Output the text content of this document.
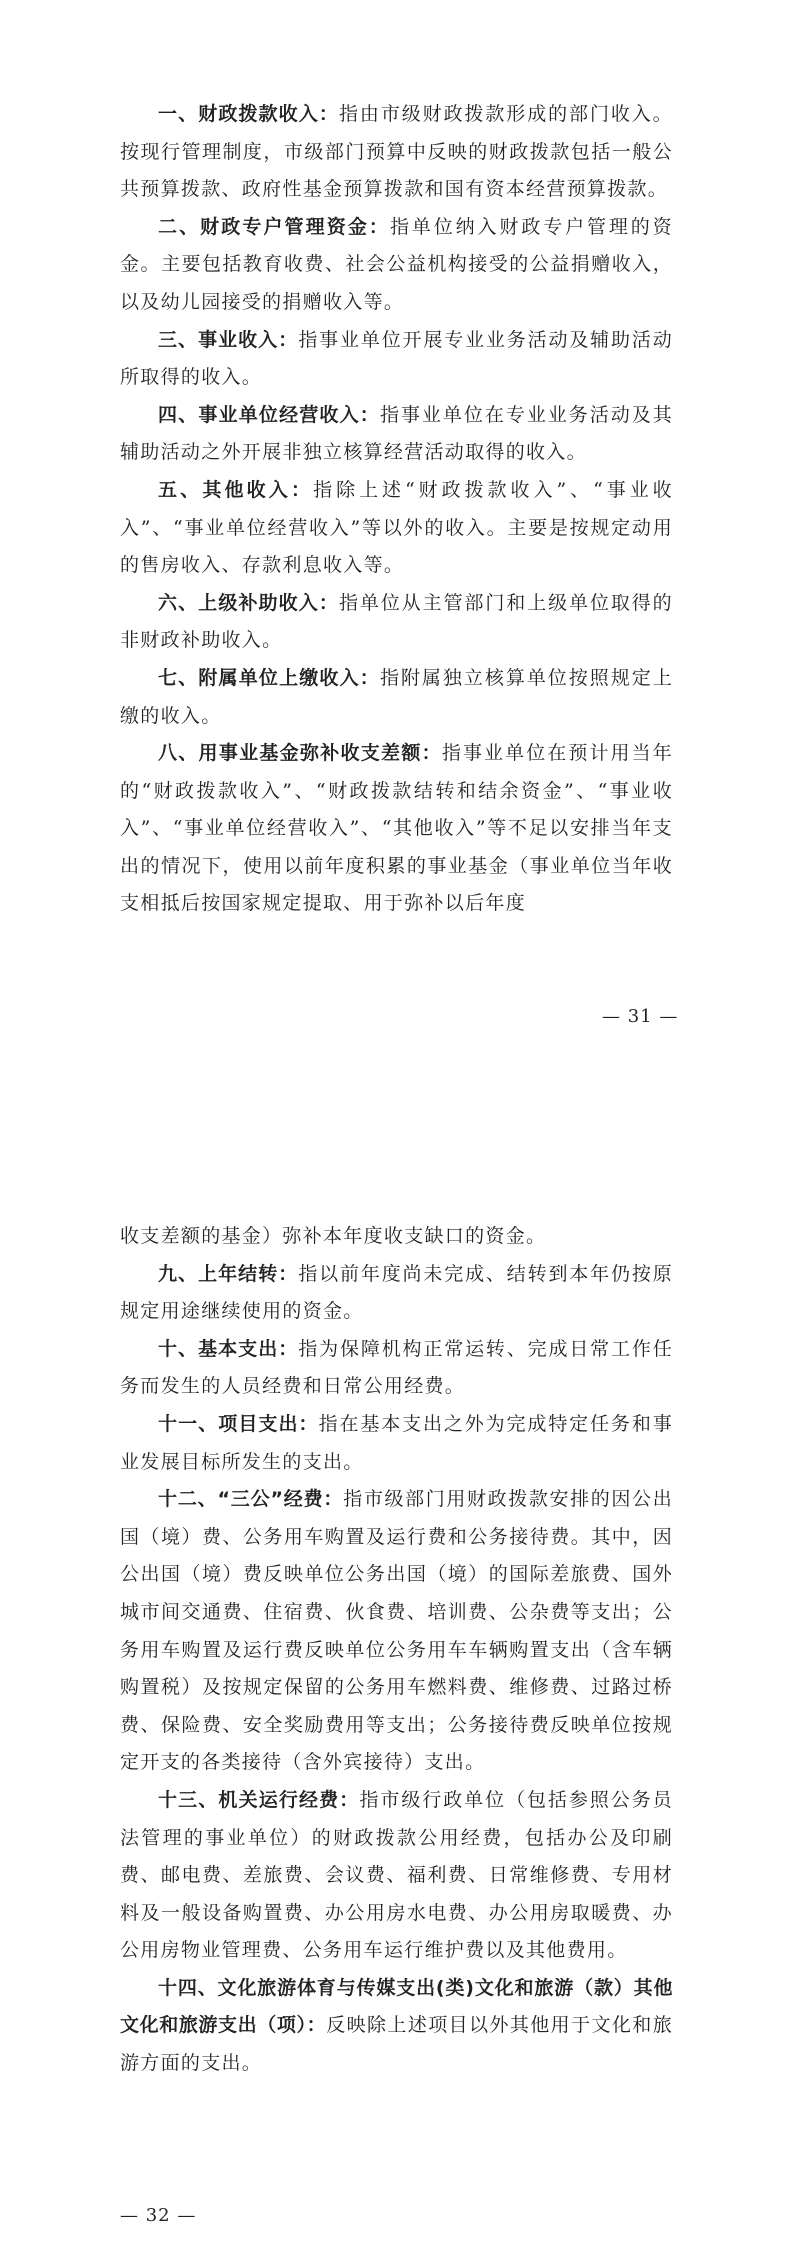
一、财政拨款收入：指由市级财政拨款形成的部门收入。按现行管理制度，市级部门预算中反映的财政拨款包括一般公共预算拨款、政府性基金预算拨款和国有资本经营预算拨款。

二、财政专户管理资金：指单位纳入财政专户管理的资金。主要包括教育收费、社会公益机构接受的公益捐赠收入，以及幼儿园接受的捐赠收入等。

三、事业收入：指事业单位开展专业业务活动及辅助活动所取得的收入。

四、事业单位经营收入：指事业单位在专业业务活动及其辅助活动之外开展非独立核算经营活动取得的收入。

五、其他收入：指除上述“财政拨款收入”、“事业收入”、“事业单位经营收入”等以外的收入。主要是按规定动用的售房收入、存款利息收入等。

六、上级补助收入：指单位从主管部门和上级单位取得的非财政补助收入。

七、附属单位上缴收入：指附属独立核算单位按照规定上缴的收入。

八、用事业基金弥补收支差额：指事业单位在预计用当年的“财政拨款收入”、“财政拨款结转和结余资金”、“事业收入”、“事业单位经营收入”、“其他收入”等不足以安排当年支出的情况下，使用以前年度积累的事业基金（事业单位当年收支相抵后按国家规定提取、用于弥补以后年度

— 31 —

收支差额的基金）弥补本年度收支缺口的资金。

九、上年结转：指以前年度尚未完成、结转到本年仍按原规定用途继续使用的资金。

十、基本支出：指为保障机构正常运转、完成日常工作任务而发生的人员经费和日常公用经费。

十一、项目支出：指在基本支出之外为完成特定任务和事业发展目标所发生的支出。

十二、“三公”经费：指市级部门用财政拨款安排的因公出国（境）费、公务用车购置及运行费和公务接待费。其中，因公出国（境）费反映单位公务出国（境）的国际差旅费、国外城市间交通费、住宿费、伙食费、培训费、公杂费等支出；公务用车购置及运行费反映单位公务用车车辆购置支出（含车辆购置税）及按规定保留的公务用车燃料费、维修费、过路过桥费、保险费、安全奖励费用等支出；公务接待费反映单位按规定开支的各类接待（含外宾接待）支出。

十三、机关运行经费：指市级行政单位（包括参照公务员法管理的事业单位）的财政拨款公用经费，包括办公及印刷费、邮电费、差旅费、会议费、福利费、日常维修费、专用材料及一般设备购置费、办公用房水电费、办公用房取暖费、办公用房物业管理费、公务用车运行维护费以及其他费用。

十四、文化旅游体育与传媒支出(类)文化和旅游（款）其他文化和旅游支出（项）：反映除上述项目以外其他用于文化和旅游方面的支出。

— 32 —
